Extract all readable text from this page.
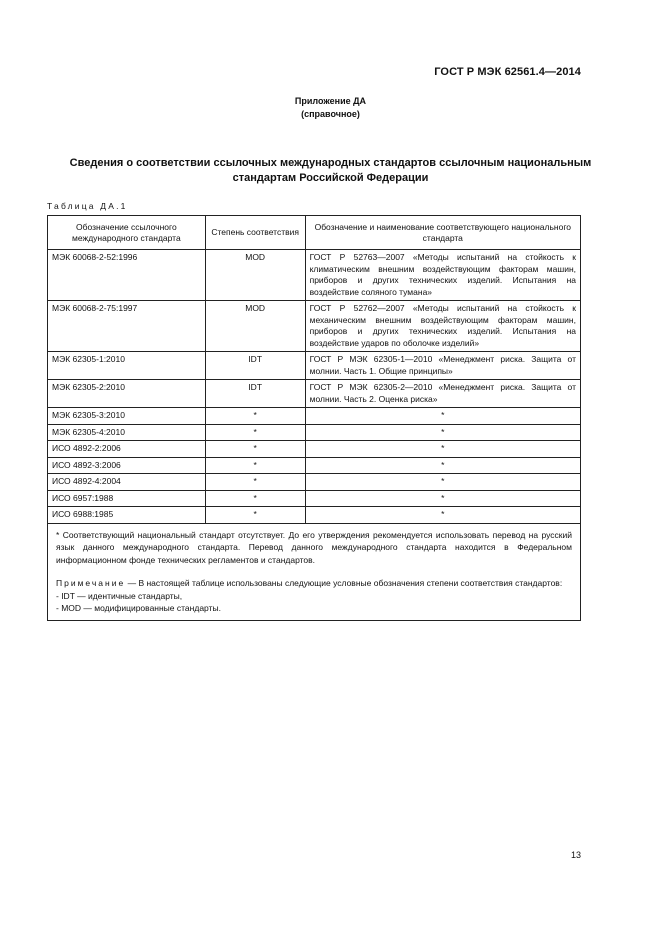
ГОСТ Р МЭК 62561.4—2014
Приложение ДА
(справочное)
Сведения о соответствии ссылочных международных стандартов ссылочным национальным
стандартам Российской Федерации
Таблица ДА.1
Обозначение ссылочного международного стандарта	Степень соответствия	Обозначение и наименование соответствующего национального стандарта
МЭК 60068-2-52:1996	MOD	ГОСТ Р 52763—2007 «Методы испытаний на стойкость к климатическим внешним воздействующим факторам машин, приборов и других технических изделий. Испытания на воздействие соляного тумана»
МЭК 60068-2-75:1997	MOD	ГОСТ Р 52762—2007 «Методы испытаний на стойкость к механическим внешним воздействующим факторам машин, приборов и других технических изделий. Испытания на воздействие ударов по оболочке изделий»
МЭК 62305-1:2010	IDT	ГОСТ Р МЭК 62305-1—2010 «Менеджмент риска. Защита от молнии. Часть 1. Общие принципы»
МЭК 62305-2:2010	IDT	ГОСТ Р МЭК 62305-2—2010 «Менеджмент риска. Защита от молнии. Часть 2. Оценка риска»
МЭК 62305-3:2010	*	*
МЭК 62305-4:2010	*	*
ИСО 4892-2:2006	*	*
ИСО 4892-3:2006	*	*
ИСО 4892-4:2004	*	*
ИСО 6957:1988	*	*
ИСО 6988:1985	*	*

* Соответствующий национальный стандарт отсутствует. До его утверждения рекомендуется использовать перевод на русский язык данного международного стандарта. Перевод данного международного стандарта находится в Федеральном информационном фонде технических регламентов и стандартов.

Примечание — В настоящей таблице использованы следующие условные обозначения степени соответствия стандартов:

- IDT — идентичные стандарты,

- MOD — модифицированные стандарты.		

13
